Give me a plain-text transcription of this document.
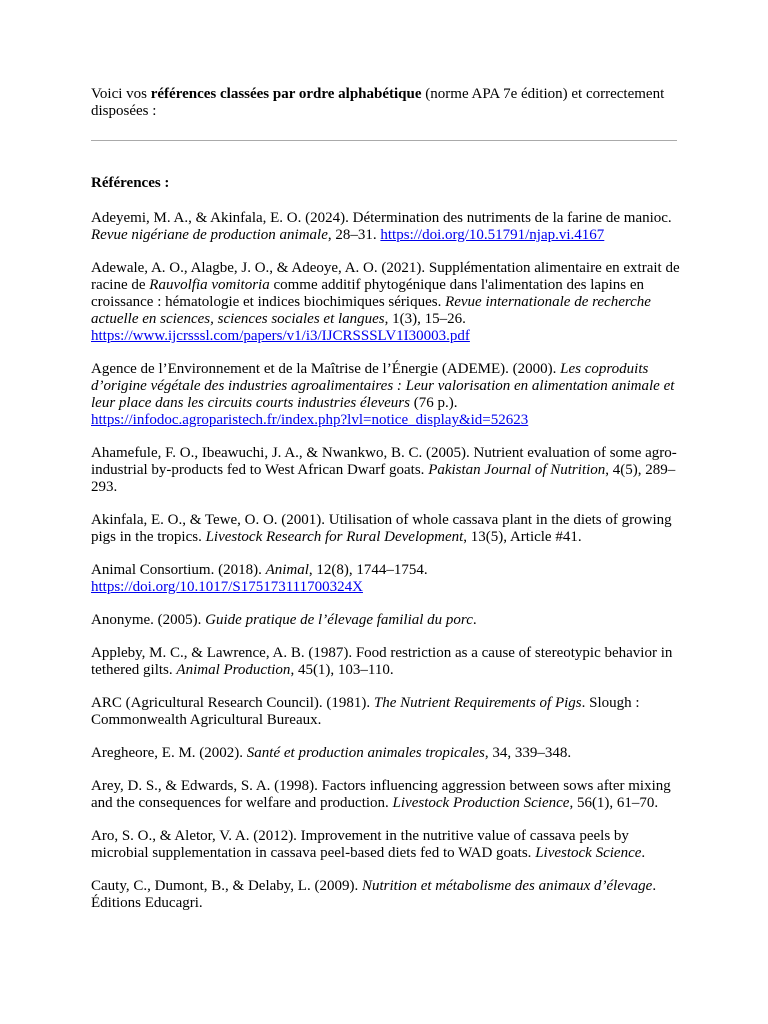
Voici vos références classées par ordre alphabétique (norme APA 7e édition) et correctement disposées :

Références :

Adeyemi, M. A., & Akinfala, E. O. (2024). Détermination des nutriments de la farine de manioc. Revue nigériane de production animale, 28–31. https://doi.org/10.51791/njap.vi.4167

Adewale, A. O., Alagbe, J. O., & Adeoye, A. O. (2021). Supplémentation alimentaire en extrait de racine de Rauvolfia vomitoria comme additif phytogénique dans l'alimentation des lapins en croissance : hématologie et indices biochimiques sériques. Revue internationale de recherche actuelle en sciences, sciences sociales et langues, 1(3), 15–26. https://www.ijcrsssl.com/papers/v1/i3/IJCRSSSLV1I30003.pdf

Agence de l’Environnement et de la Maîtrise de l’Énergie (ADEME). (2000). Les coproduits d’origine végétale des industries agroalimentaires : Leur valorisation en alimentation animale et leur place dans les circuits courts industries éleveurs (76 p.). https://infodoc.agroparistech.fr/index.php?lvl=notice_display&id=52623

Ahamefule, F. O., Ibeawuchi, J. A., & Nwankwo, B. C. (2005). Nutrient evaluation of some agro-industrial by-products fed to West African Dwarf goats. Pakistan Journal of Nutrition, 4(5), 289–293.

Akinfala, E. O., & Tewe, O. O. (2001). Utilisation of whole cassava plant in the diets of growing pigs in the tropics. Livestock Research for Rural Development, 13(5), Article #41.

Animal Consortium. (2018). Animal, 12(8), 1744–1754. https://doi.org/10.1017/S175173111700324X

Anonyme. (2005). Guide pratique de l’élevage familial du porc.

Appleby, M. C., & Lawrence, A. B. (1987). Food restriction as a cause of stereotypic behavior in tethered gilts. Animal Production, 45(1), 103–110.

ARC (Agricultural Research Council). (1981). The Nutrient Requirements of Pigs. Slough : Commonwealth Agricultural Bureaux.

Aregheore, E. M. (2002). Santé et production animales tropicales, 34, 339–348.

Arey, D. S., & Edwards, S. A. (1998). Factors influencing aggression between sows after mixing and the consequences for welfare and production. Livestock Production Science, 56(1), 61–70.

Aro, S. O., & Aletor, V. A. (2012). Improvement in the nutritive value of cassava peels by microbial supplementation in cassava peel-based diets fed to WAD goats. Livestock Science.

Cauty, C., Dumont, B., & Delaby, L. (2009). Nutrition et métabolisme des animaux d’élevage. Éditions Educagri.
